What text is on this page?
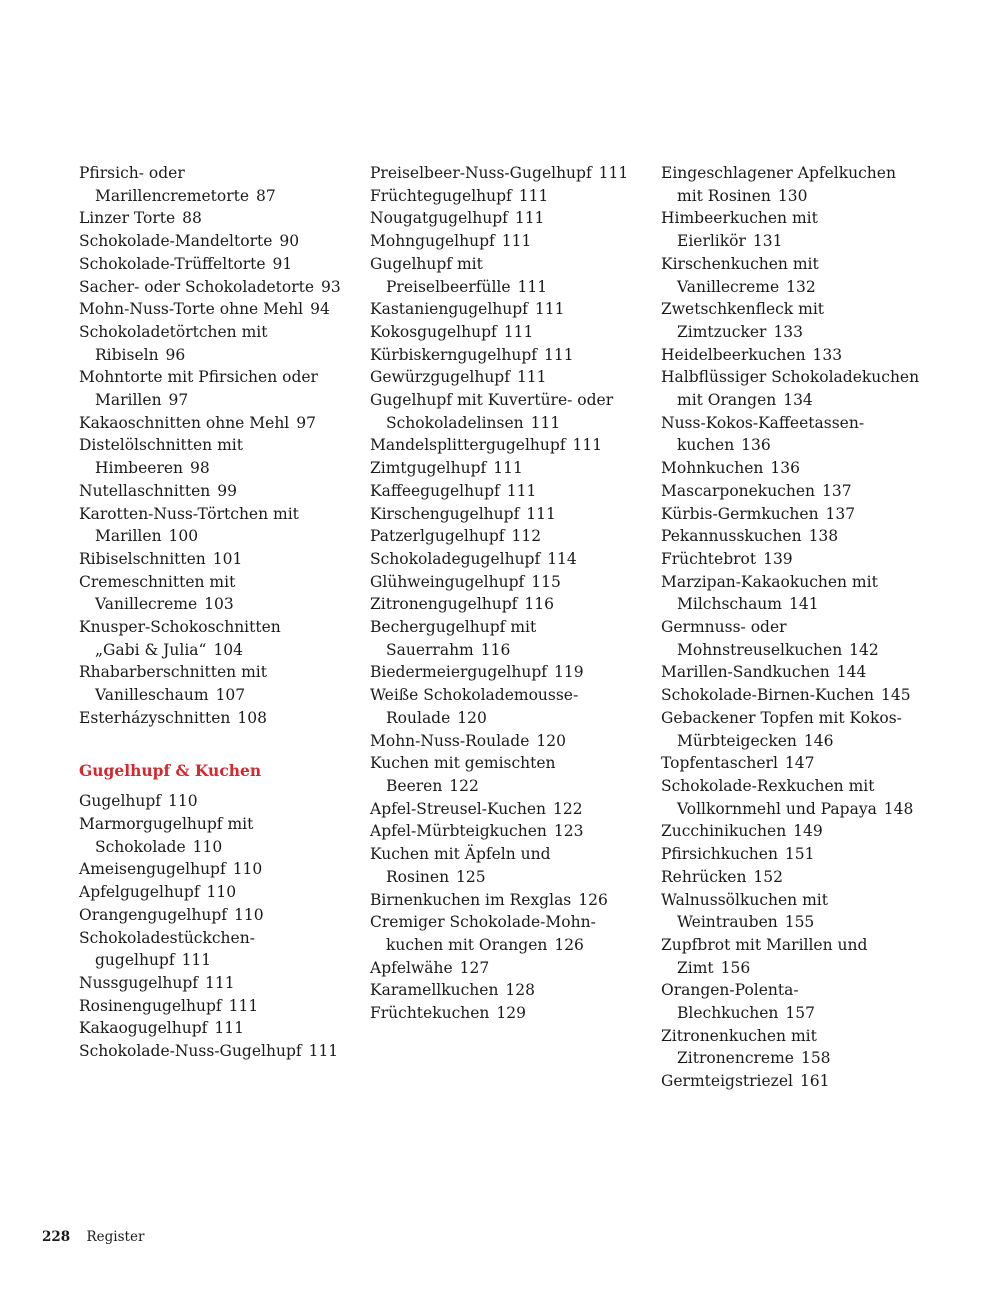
Pfirsich- oder
Marillencremetorte 87
Linzer Torte 88
Schokolade-Mandeltorte 90
Schokolade-Trüffeltorte 91
Sacher- oder Schokoladetorte 93
Mohn-Nuss-Torte ohne Mehl 94
Schokoladetörtchen mit
Ribiseln 96
Mohntorte mit Pfirsichen oder
Marillen 97
Kakaoschnitten ohne Mehl 97
Distelölschnitten mit
Himbeeren 98
Nutellaschnitten 99
Karotten-Nuss-Törtchen mit
Marillen 100
Ribiselschnitten 101
Cremeschnitten mit
Vanillecreme 103
Knusper-Schokoschnitten
„Gabi & Julia“ 104
Rhabarberschnitten mit
Vanilleschaum 107
Esterházyschnitten 108
Gugelhupf & Kuchen
Gugelhupf 110
Marmorgugelhupf mit
Schokolade 110
Ameisengugelhupf 110
Apfelgugelhupf 110
Orangengugelhupf 110
Schokoladestückchen-
gugelhupf 111
Nussgugelhupf 111
Rosinengugelhupf 111
Kakaogugelhupf 111
Schokolade-Nuss-Gugelhupf 111
Preiselbeer-Nuss-Gugelhupf 111
Früchtegugelhupf 111
Nougatgugelhupf 111
Mohngugelhupf 111
Gugelhupf mit
Preiselbeerfülle 111
Kastaniengugelhupf 111
Kokosgugelhupf 111
Kürbiskerngugelhupf 111
Gewürzgugelhupf 111
Gugelhupf mit Kuvertüre- oder
Schokoladelinsen 111
Mandelsplittergugelhupf 111
Zimtgugelhupf 111
Kaffeegugelhupf 111
Kirschengugelhupf 111
Patzerlgugelhupf 112
Schokoladegugelhupf 114
Glühweingugelhupf 115
Zitronengugelhupf 116
Bechergugelhupf mit
Sauerrahm 116
Biedermeiergugelhupf 119
Weiße Schokolademousse-
Roulade 120
Mohn-Nuss-Roulade 120
Kuchen mit gemischten
Beeren 122
Apfel-Streusel-Kuchen 122
Apfel-Mürbteigkuchen 123
Kuchen mit Äpfeln und
Rosinen 125
Birnenkuchen im Rexglas 126
Cremiger Schokolade-Mohn-
kuchen mit Orangen 126
Apfelwähe 127
Karamellkuchen 128
Früchtekuchen 129
Eingeschlagener Apfelkuchen
mit Rosinen 130
Himbeerkuchen mit
Eierlikör 131
Kirschenkuchen mit
Vanillecreme 132
Zwetschkenfleck mit
Zimtzucker 133
Heidelbeerkuchen 133
Halbflüssiger Schokoladekuchen
mit Orangen 134
Nuss-Kokos-Kaffeetassen-
kuchen 136
Mohnkuchen 136
Mascarponekuchen 137
Kürbis-Germkuchen 137
Pekannusskuchen 138
Früchtebrot 139
Marzipan-Kakaokuchen mit
Milchschaum 141
Germnuss- oder
Mohnstreuselkuchen 142
Marillen-Sandkuchen 144
Schokolade-Birnen-Kuchen 145
Gebackener Topfen mit Kokos-
Mürbteigecken 146
Topfentascherl 147
Schokolade-Rexkuchen mit
Vollkornmehl und Papaya 148
Zucchinikuchen 149
Pfirsichkuchen 151
Rehrücken 152
Walnussölkuchen mit
Weintrauben 155
Zupfbrot mit Marillen und
Zimt 156
Orangen-Polenta-
Blechkuchen 157
Zitronenkuchen mit
Zitronencreme 158
Germteigstriezel 161
228 Register
